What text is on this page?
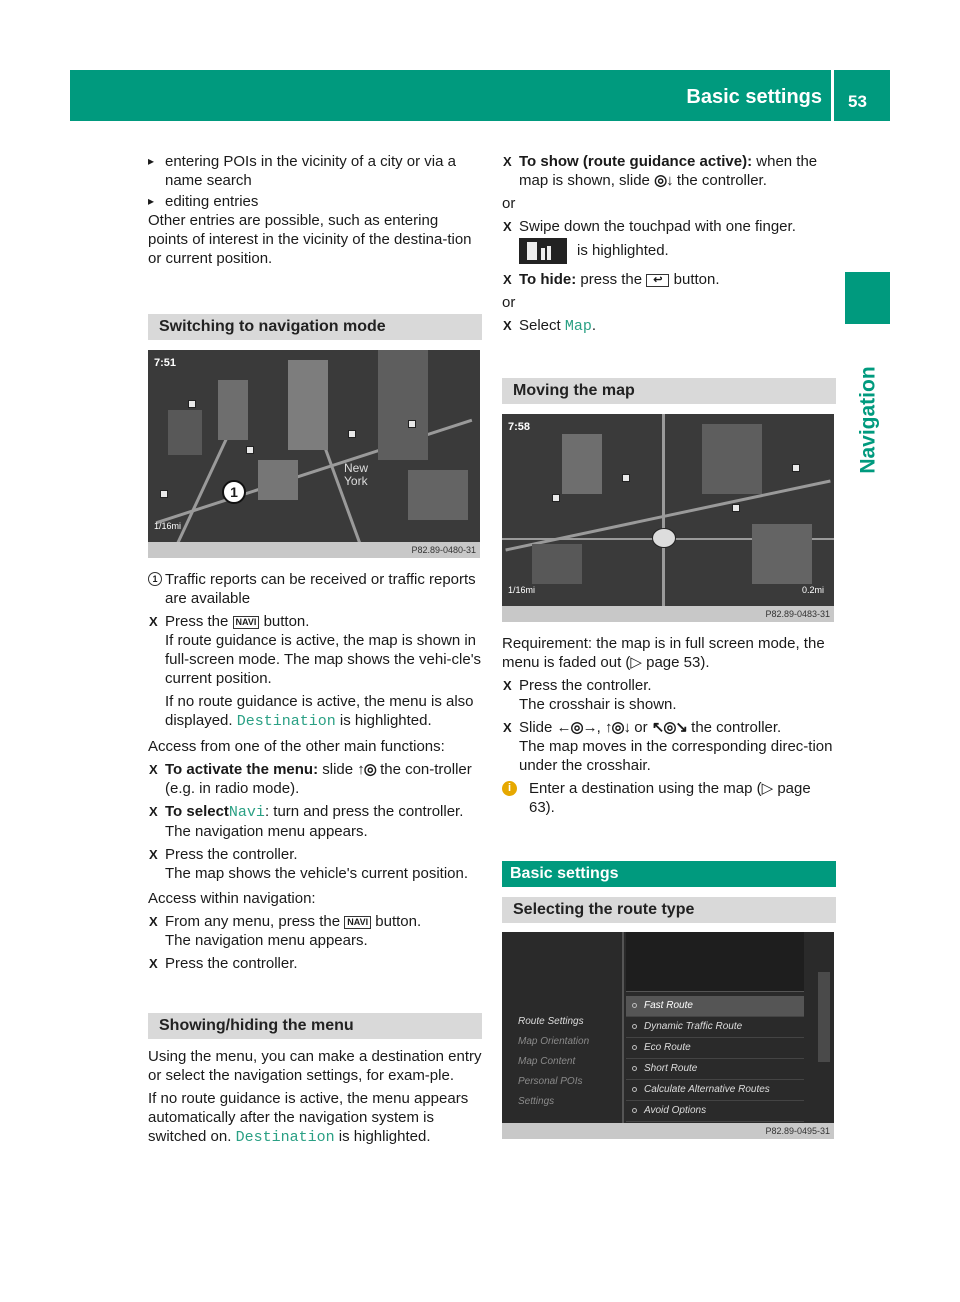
Basic settings 53
Navigation

▸ entering POIs in the vicinity of a city or via a name search

▸ editing entries

Other entries are possible, such as entering points of interest in the vicinity of the destina-tion or current position.

Switching to navigation mode
New
York
1
7:51
1/16mi
P82.89-0480-31

1 Traffic reports can be received or traffic reports are available

X Press the NAVI button.
If route guidance is active, the map is shown in full-screen mode. The map shows the vehi-cle's current position.
If no route guidance is active, the menu is also displayed. Destination is highlighted.

Access from one of the other main functions:

X To activate the menu: slide ↑◎ the con-troller (e.g. in radio mode).
X To selectNavi: turn and press the controller.
The navigation menu appears.
X Press the controller.
The map shows the vehicle's current position.

Access within navigation:

X From any menu, press the NAVI button.
The navigation menu appears.
X Press the controller.
Showing/hiding the menu

Using the menu, you can make a destination entry or select the navigation settings, for exam-ple.

If no route guidance is active, the menu appears automatically after the navigation system is switched on. Destination is highlighted.

X To show (route guidance active): when the map is shown, slide ◎↓ the controller.

or

X Swipe down the touchpad with one finger.

is highlighted.
X To hide: press the ↩ button.

or

X Select Map.
Moving the map
7:58
1/16mi	0.2mi
P82.89-0483-31

Requirement: the map is in full screen mode, the menu is faded out (▷ page 53).

X Press the controller.
The crosshair is shown.
X Slide ←◎→, ↑◎↓ or ↖◎↘ the controller.
The map moves in the corresponding direc-tion under the crosshair.

i	Enter a destination using the map (▷ page 63).

Basic settings
Selecting the route type
Route Settings
Map Orientation
Map Content
Personal POIs
Settings
Fast Route
Dynamic Traffic Route
Eco Route
Short Route
Calculate Alternative Routes
Avoid Options
P82.89-0495-31
